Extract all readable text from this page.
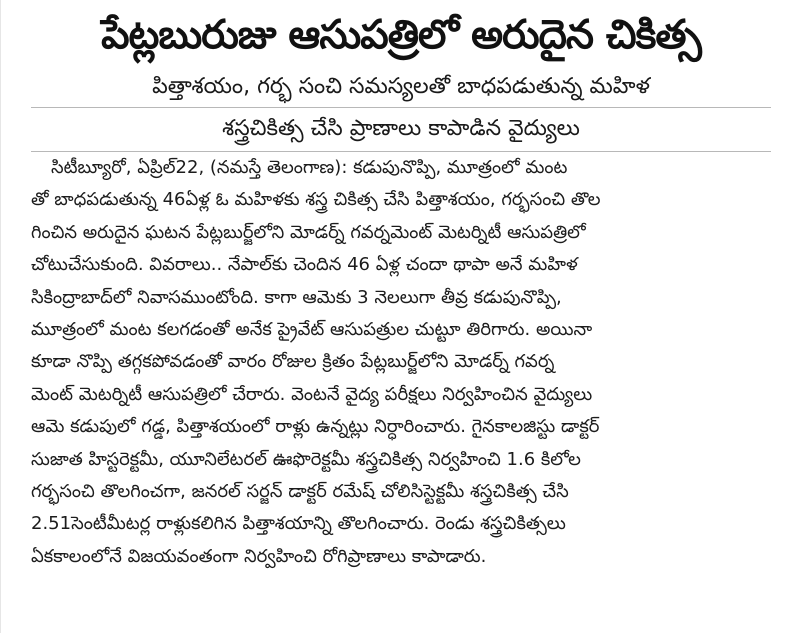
పేట్లబురుజు ఆసుపత్రిలో అరుదైన చికిత్స
పిత్తాశయం, గర్భ సంచి సమస్యలతో బాధపడుతున్న మహిళ
శస్త్రచికిత్స చేసి ప్రాణాలు కాపాడిన వైద్యులు
సిటీబ్యూరో, ఏప్రిల్22, (నమస్తే తెలంగాణ): కడుపునొప్పి, మూత్రంలో మంట
తో బాధపడుతున్న 46ఏళ్ల ఓ మహిళకు శస్త్ర చికిత్స చేసి పిత్తాశయం, గర్భసంచి తొల
గించిన అరుదైన ఘటన పేట్లబుర్జ్‌లోని మోడర్న్ గవర్నమెంట్ మెటర్నిటీ ఆసుపత్రిలో
చోటుచేసుకుంది. వివరాలు.. నేపాల్‌కు చెందిన 46 ఏళ్ల చందా థాపా అనే మహిళ
సికింద్రాబాద్‌లో నివాసముంటోంది. కాగా ఆమెకు 3 నెలలుగా తీవ్ర కడుపునొప్పి,
మూత్రంలో మంట కలగడంతో అనేక ప్రైవేట్ ఆసుపత్రుల చుట్టూ తిరిగారు. అయినా
కూడా నొప్పి తగ్గకపోవడంతో వారం రోజుల క్రితం పేట్లబుర్జ్‌లోని మోడర్న్ గవర్న
మెంట్ మెటర్నిటీ ఆసుపత్రిలో చేరారు. వెంటనే వైద్య పరీక్షలు నిర్వహించిన వైద్యులు
ఆమె కడుపులో గడ్డ, పిత్తాశయంలో రాళ్లు ఉన్నట్లు నిర్ధారించారు. గైనకాలజిస్టు డాక్టర్
సుజాత హిస్టరెక్టమీ, యూనిలేటరల్ ఊఫొరెక్టమీ శస్త్రచికిత్స నిర్వహించి 1.6 కిలోల
గర్భసంచి తొలగించగా, జనరల్ సర్జన్ డాక్టర్ రమేష్ చోలిసిస్టెక్టమీ శస్త్రచికిత్స చేసి
2.51సెంటీమీటర్ల రాళ్లుకలిగిన పిత్తాశయాన్ని తొలగించారు. రెండు శస్త్రచికిత్సలు
ఏకకాలంలోనే విజయవంతంగా నిర్వహించి రోగిప్రాణాలు కాపాడారు.
